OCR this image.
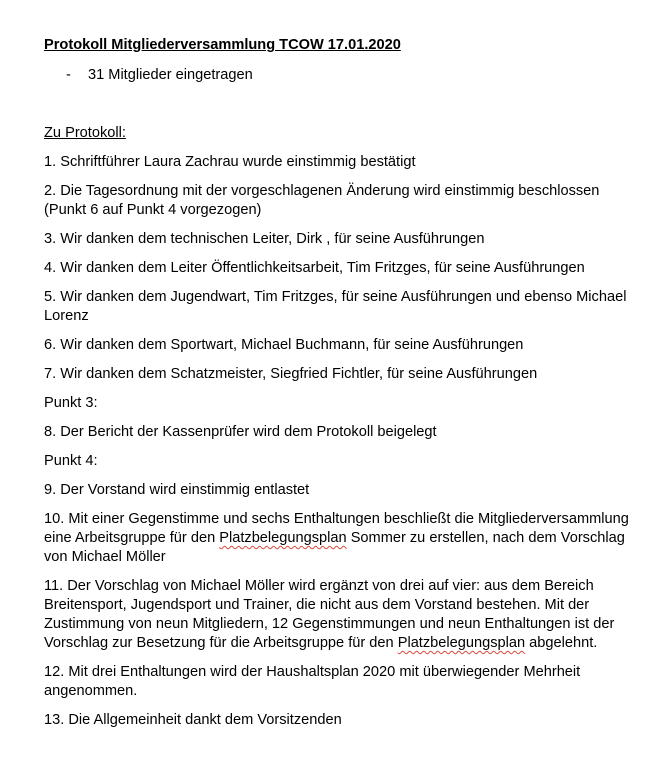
Protokoll Mitgliederversammlung TCOW 17.01.2020

- 31 Mitglieder eingetragen
Zu Protokoll:
1. Schriftführer Laura Zachrau wurde einstimmig bestätigt
2. Die Tagesordnung mit der vorgeschlagenen Änderung wird einstimmig beschlossen (Punkt 6 auf Punkt 4 vorgezogen)
3. Wir danken dem technischen Leiter, Dirk , für seine Ausführungen
4. Wir danken dem Leiter Öffentlichkeitsarbeit, Tim Fritzges, für seine Ausführungen
5. Wir danken dem Jugendwart, Tim Fritzges, für seine Ausführungen und ebenso Michael Lorenz
6. Wir danken dem Sportwart, Michael Buchmann, für seine Ausführungen
7. Wir danken dem Schatzmeister, Siegfried Fichtler, für seine Ausführungen
Punkt 3:
8. Der Bericht der Kassenprüfer wird dem Protokoll beigelegt
Punkt 4:
9. Der Vorstand wird einstimmig entlastet
10. Mit einer Gegenstimme und sechs Enthaltungen beschließt die Mitgliederversammlung eine Arbeitsgruppe für den Platzbelegungsplan Sommer zu erstellen, nach dem Vorschlag von Michael Möller
11. Der Vorschlag von Michael Möller wird ergänzt von drei auf vier: aus dem Bereich Breitensport, Jugendsport und Trainer, die nicht aus dem Vorstand bestehen. Mit der Zustimmung von neun Mitgliedern, 12 Gegenstimmungen und neun Enthaltungen ist der Vorschlag zur Besetzung für die Arbeitsgruppe für den Platzbelegungsplan abgelehnt.
12. Mit drei Enthaltungen wird der Haushaltsplan 2020 mit überwiegender Mehrheit angenommen.
13. Die Allgemeinheit dankt dem Vorsitzenden
